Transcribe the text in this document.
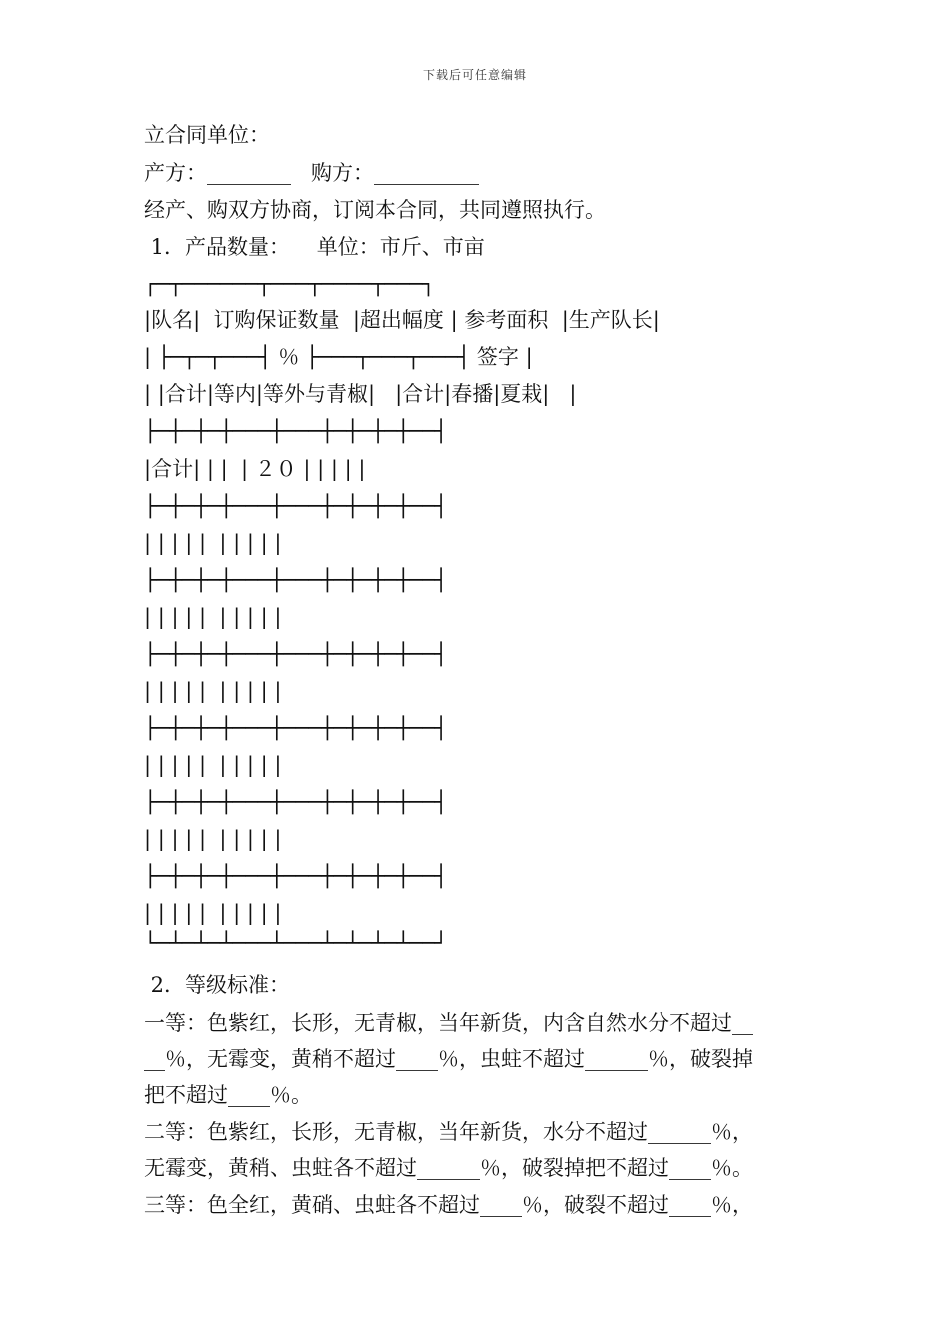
下载后可任意编辑
立合同单位：
产方：________   购方：__________
经产、购双方协商，订阅本合同，共同遵照执行。
1．产品数量：    单位：市斤、市亩
┌─┬──────┬───┬────┬───┐
|队名|  订购保证数量  |超出幅度 | 参考面积  |生产队长|
| ├─┬─┬───┤ ％ ├───┬───┬───┤ 签字 |
| |合计|等内|等外与青椒|   |合计|春播|夏栽|   |
├─┼─┼─┼───┼───┼─┼─┼─┼──┤
|合计| | |  | ２０ | | | | |
├─┼─┼─┼───┼───┼─┼─┼─┼──┤
| | | | |  | | | | |
├─┼─┼─┼───┼───┼─┼─┼─┼──┤
| | | | |  | | | | |
├─┼─┼─┼───┼───┼─┼─┼─┼──┤
| | | | |  | | | | |
├─┼─┼─┼───┼───┼─┼─┼─┼──┤
| | | | |  | | | | |
├─┼─┼─┼───┼───┼─┼─┼─┼──┤
| | | | |  | | | | |
├─┼─┼─┼───┼───┼─┼─┼─┼──┤
| | | | |  | | | | |
└─┴─┴─┴───┴───┴─┴─┴─┴──┘
2．等级标准：
一等：色紫红，长形，无青椒，当年新货，内含自然水分不超过__
__％，无霉变，黄稍不超过____％，虫蛀不超过______％，破裂掉
把不超过____％。
二等：色紫红，长形，无青椒，当年新货，水分不超过______％，
无霉变，黄稍、虫蛀各不超过______％，破裂掉把不超过____％。
三等：色全红，黄硝、虫蛀各不超过____％，破裂不超过____％，
